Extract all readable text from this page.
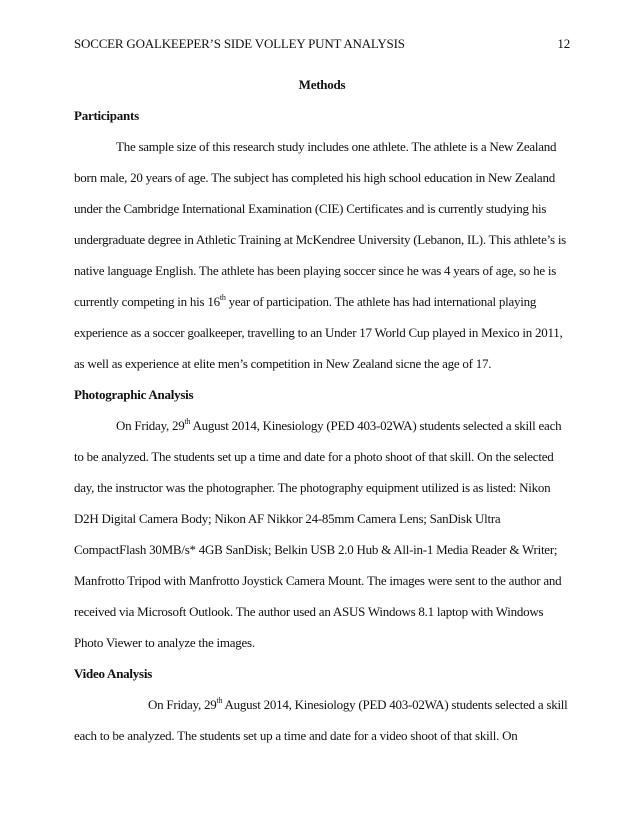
SOCCER GOALKEEPER’S SIDE VOLLEY PUNT ANALYSIS	12

Methods

Participants

The sample size of this research study includes one athlete. The athlete is a New Zealand born male, 20 years of age. The subject has completed his high school education in New Zealand under the Cambridge International Examination (CIE) Certificates and is currently studying his undergraduate degree in Athletic Training at McKendree University (Lebanon, IL). This athlete’s is native language English. The athlete has been playing soccer since he was 4 years of age, so he is currently competing in his 16th year of participation. The athlete has had international playing experience as a soccer goalkeeper, travelling to an Under 17 World Cup played in Mexico in 2011, as well as experience at elite men’s competition in New Zealand sicne the age of 17.

Photographic Analysis

On Friday, 29th August 2014, Kinesiology (PED 403-02WA) students selected a skill each to be analyzed. The students set up a time and date for a photo shoot of that skill. On the selected day, the instructor was the photographer. The photography equipment utilized is as listed: Nikon D2H Digital Camera Body; Nikon AF Nikkor 24-85mm Camera Lens; SanDisk Ultra CompactFlash 30MB/s* 4GB SanDisk; Belkin USB 2.0 Hub & All-in-1 Media Reader & Writer; Manfrotto Tripod with Manfrotto Joystick Camera Mount. The images were sent to the author and received via Microsoft Outlook. The author used an ASUS Windows 8.1 laptop with Windows Photo Viewer to analyze the images.

Video Analysis

On Friday, 29th August 2014, Kinesiology (PED 403-02WA) students selected a skill each to be analyzed. The students set up a time and date for a video shoot of that skill. On
